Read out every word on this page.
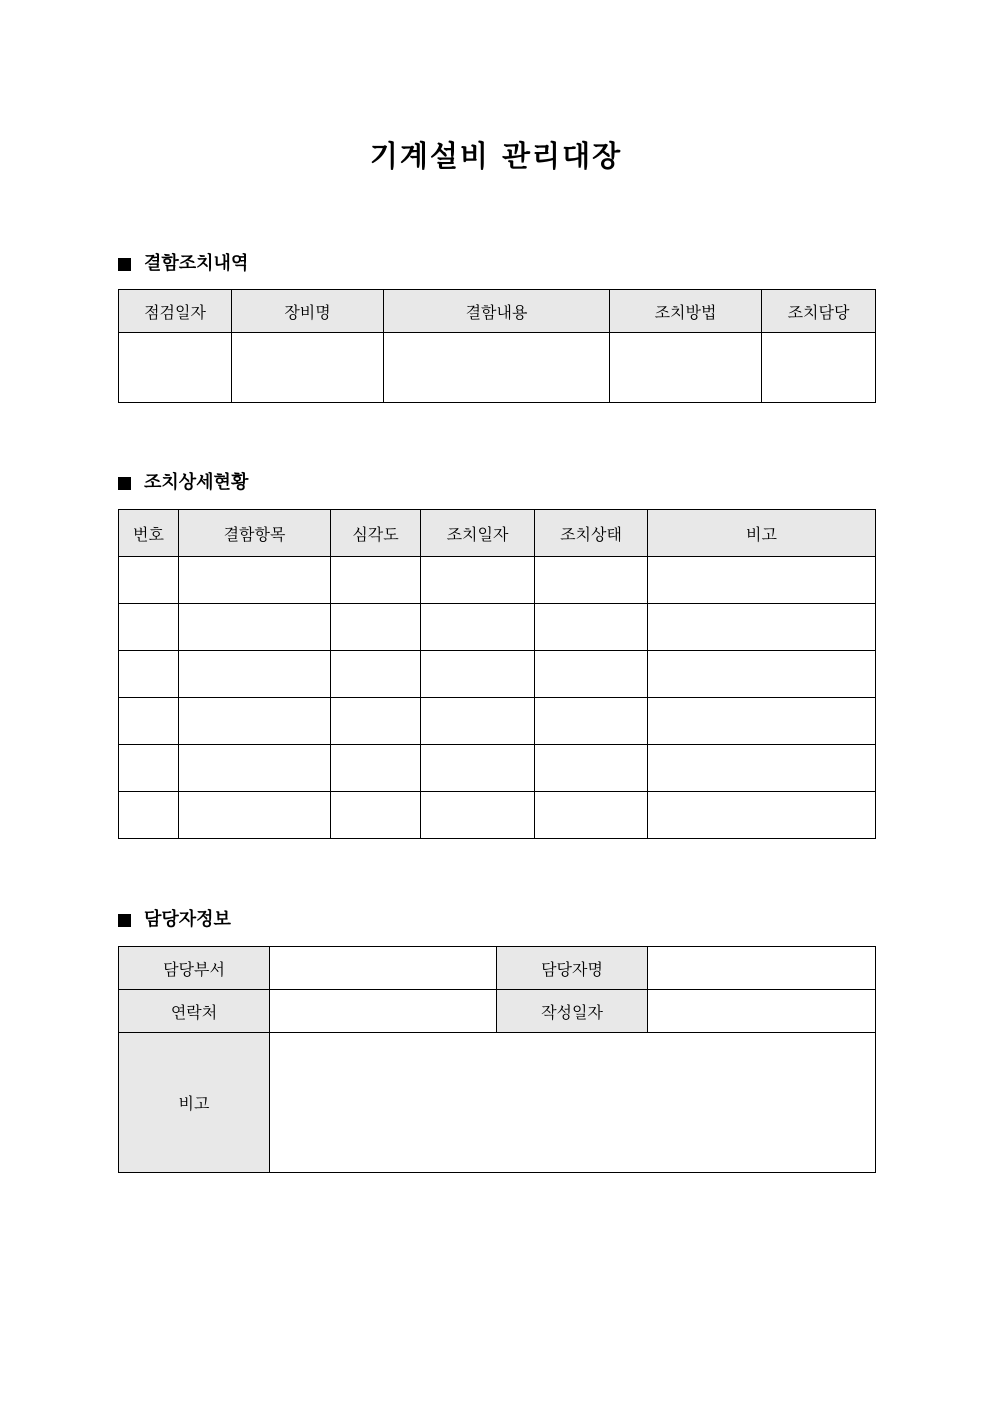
기계설비 관리대장
결함조치내역
점검일자	장비명	결함내용	조치방법	조치담당

조치상세현황
번호	결함항목	심각도	조치일자	조치상태	비고

담당자정보
담당부서		담당자명	
연락처		작성일자	
비고			
